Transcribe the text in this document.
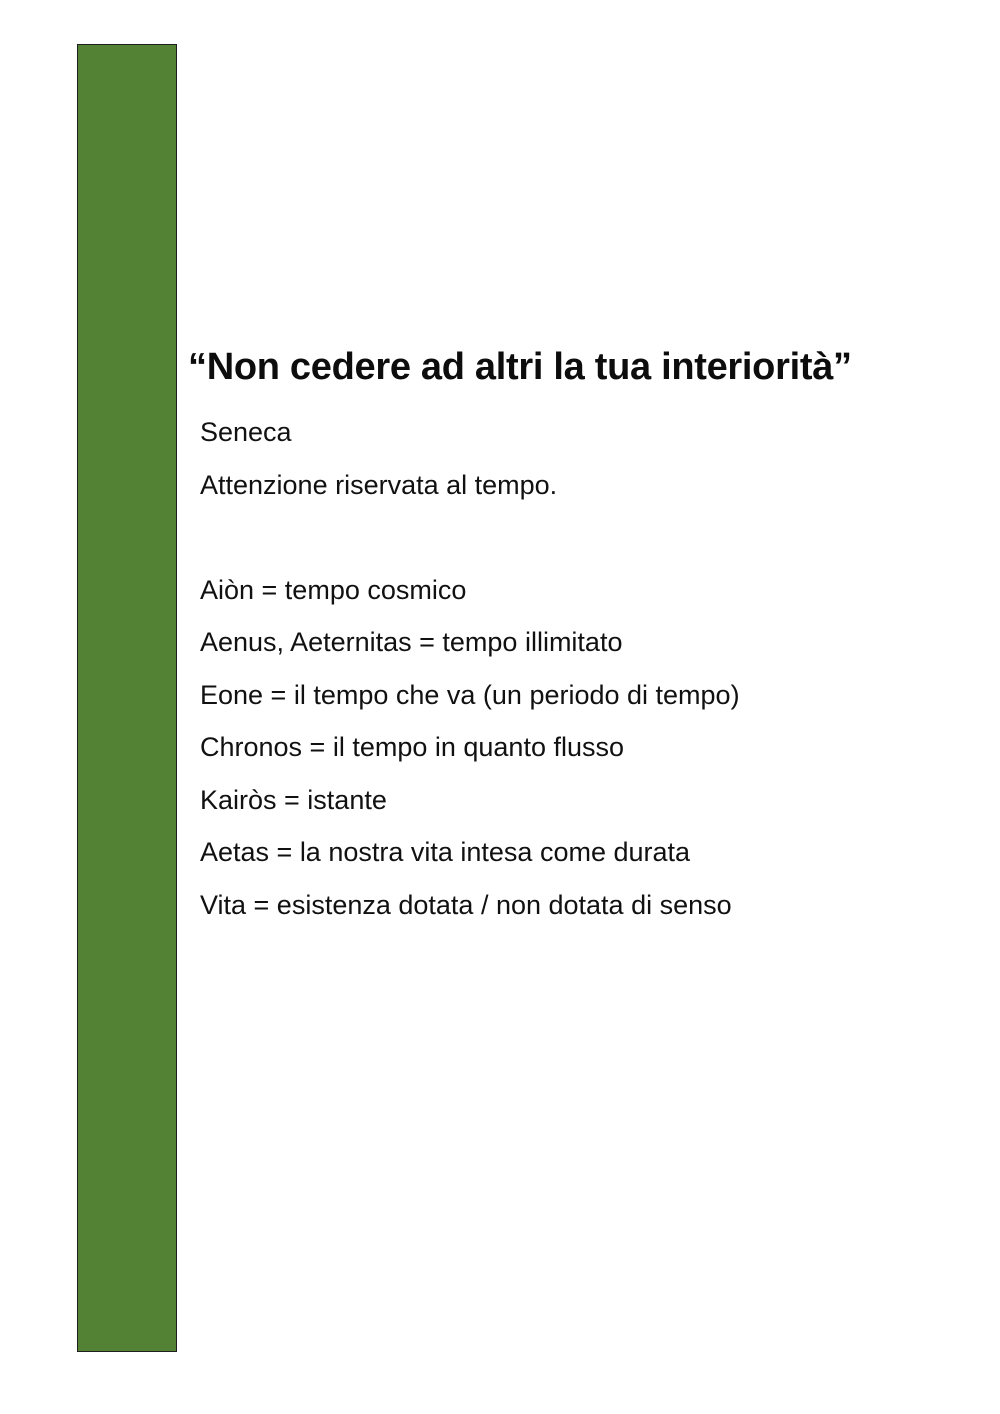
“Non cedere ad altri la tua interiorità”
Seneca
Attenzione riservata al tempo.
Aiòn = tempo cosmico
Aenus, Aeternitas = tempo illimitato
Eone = il tempo che va (un periodo di tempo)
Chronos = il tempo in quanto flusso
Kairòs = istante
Aetas = la nostra vita intesa come durata
Vita = esistenza dotata / non dotata di senso
